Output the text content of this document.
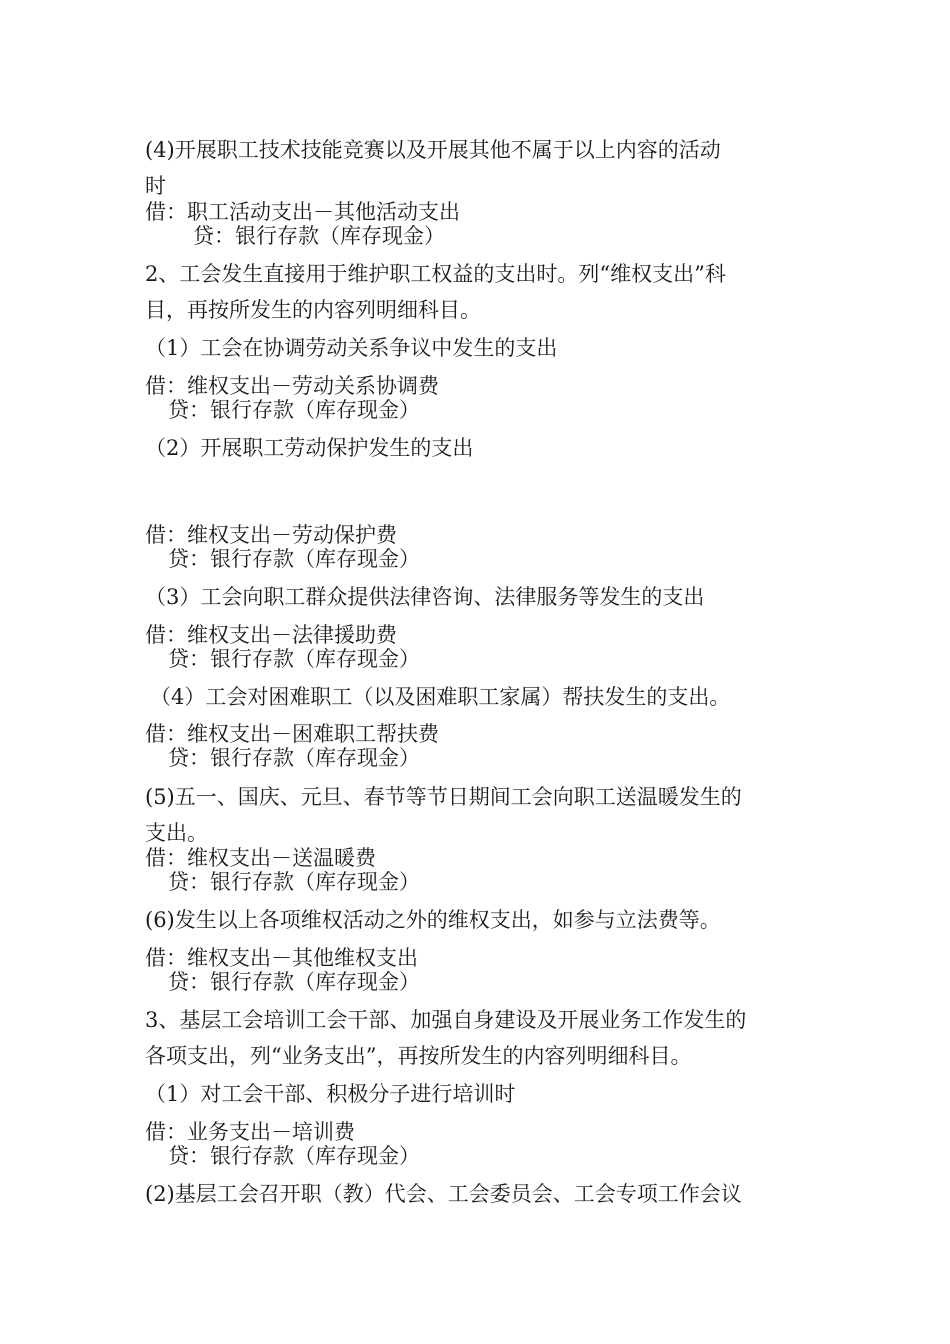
(4)开展职工技术技能竞赛以及开展其他不属于以上内容的活动
时
借：职工活动支出－其他活动支出
贷：银行存款（库存现金）
2、工会发生直接用于维护职工权益的支出时。列“维权支出”科
目，再按所发生的内容列明细科目。
（1）工会在协调劳动关系争议中发生的支出
借：维权支出－劳动关系协调费
贷：银行存款（库存现金）
（2）开展职工劳动保护发生的支出
借：维权支出－劳动保护费
贷：银行存款（库存现金）
（3）工会向职工群众提供法律咨询、法律服务等发生的支出
借：维权支出－法律援助费
贷：银行存款（库存现金）
（4）工会对困难职工（以及困难职工家属）帮扶发生的支出。
借：维权支出－困难职工帮扶费
贷：银行存款（库存现金）
(5)五一、国庆、元旦、春节等节日期间工会向职工送温暖发生的
支出。
借：维权支出－送温暖费
贷：银行存款（库存现金）
(6)发生以上各项维权活动之外的维权支出，如参与立法费等。
借：维权支出－其他维权支出
贷：银行存款（库存现金）
3、基层工会培训工会干部、加强自身建设及开展业务工作发生的
各项支出，列“业务支出”，再按所发生的内容列明细科目。
（1）对工会干部、积极分子进行培训时
借：业务支出－培训费
贷：银行存款（库存现金）
(2)基层工会召开职（教）代会、工会委员会、工会专项工作会议
